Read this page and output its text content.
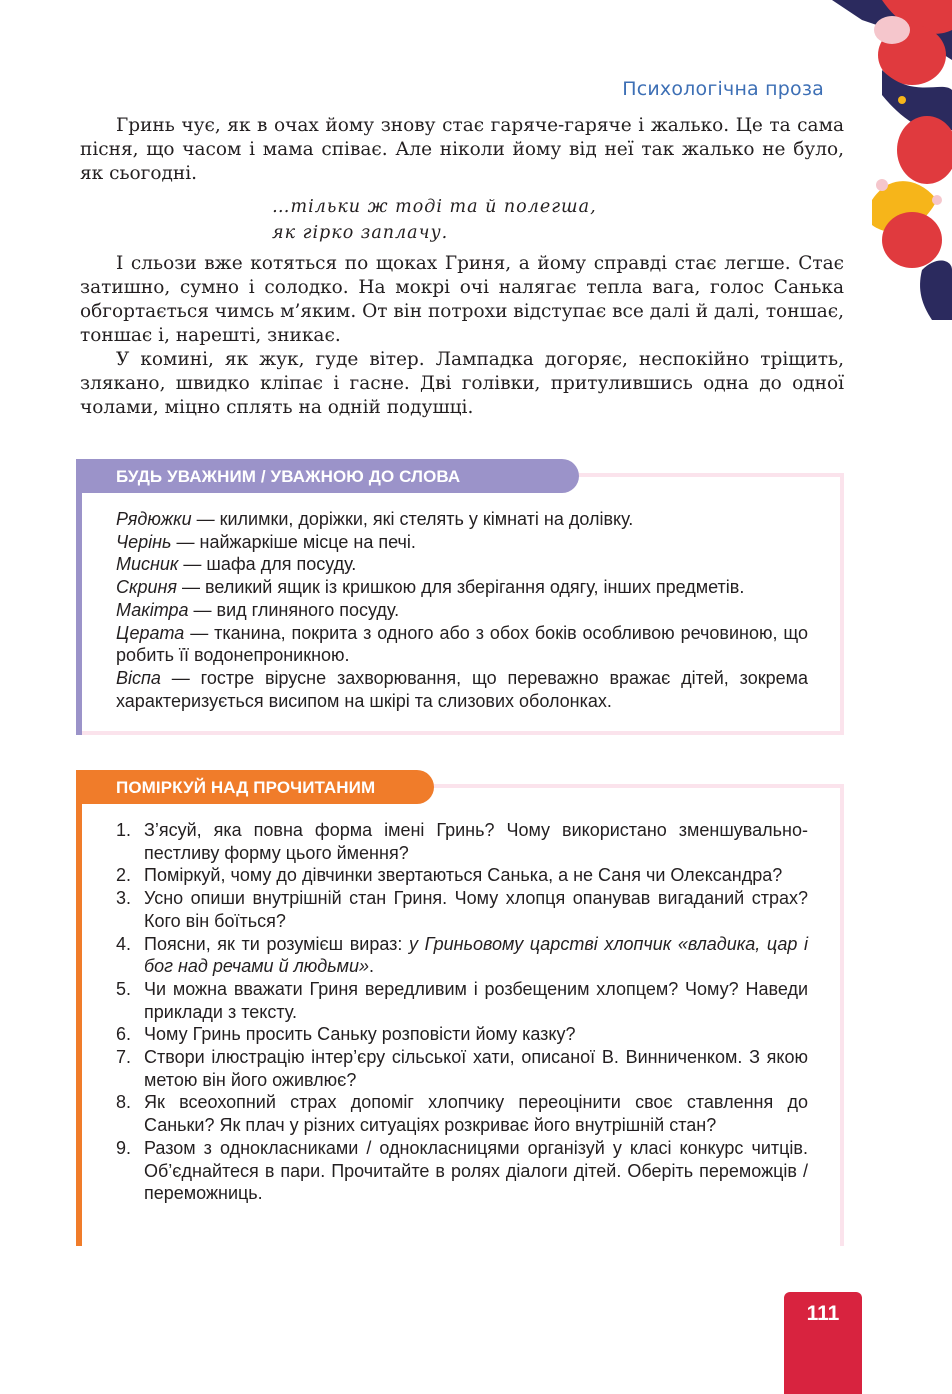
Психологічна проза

Гринь чує, як в очах йому знову стає гаряче-гаряче і жалько. Це та сама пісня, що часом і мама співає. Але ніколи йому від неї так жалько не було, як сьогодні.

…тільки ж тоді та й полегша,
як гірко заплачу.

І сльози вже котяться по щоках Гриня, а йому справді стає легше. Стає затишно, сумно і солодко. На мокрі очі налягає тепла вага, голос Санька обгортається чимсь м’яким. От він потрохи відступає все далі й далі, тоншає, тоншає і, нарешті, зникає.

У комині, як жук, гуде вітер. Лампадка догоряє, неспокійно тріщить, злякано, швидко кліпає і гасне. Дві голівки, притулившись одна до одної чолами, міцно сплять на одній подушці.

БУДЬ УВАЖНИМ / УВАЖНОЮ ДО СЛОВА
Рядюжки — килимки, доріжки, які стелять у кімнаті на долівку.
Черінь — найжаркіше місце на печі.
Мисник — шафа для посуду.
Скриня — великий ящик із кришкою для зберігання одягу, інших предметів.
Макітра — вид глиняного посуду.
Церата — тканина, покрита з одного або з обох боків особливою речовиною, що робить її водонепроникною.
Віспа — гостре вірусне захворювання, що переважно вражає дітей, зокрема характеризується висипом на шкірі та слизових оболонках.
ПОМІРКУЙ НАД ПРОЧИТАНИМ
1. З’ясуй, яка повна форма імені Гринь? Чому використано зменшувально-пестливу форму цього ймення?
2. Поміркуй, чому до дівчинки звертаються Санька, а не Саня чи Олександра?
3. Усно опиши внутрішній стан Гриня. Чому хлопця опанував вигаданий страх? Кого він боїться?
4. Поясни, як ти розумієш вираз: у Гриньовому царстві хлопчик «владика, цар і бог над речами й людьми».
5. Чи можна вважати Гриня вередливим і розбещеним хлопцем? Чому? Наведи приклади з тексту.
6. Чому Гринь просить Саньку розповісти йому казку?
7. Створи ілюстрацію інтер’єру сільської хати, описаної В. Винниченком. З якою метою він його оживлює?
8. Як всеохопний страх допоміг хлопчику переоцінити своє ставлення до Саньки? Як плач у різних ситуаціях розкриває його внутрішній стан?
9. Разом з однокласниками / однокласницями організуй у класі конкурс читців. Об’єднайтеся в пари. Прочитайте в ролях діалоги дітей. Оберіть переможців / переможниць.
111
